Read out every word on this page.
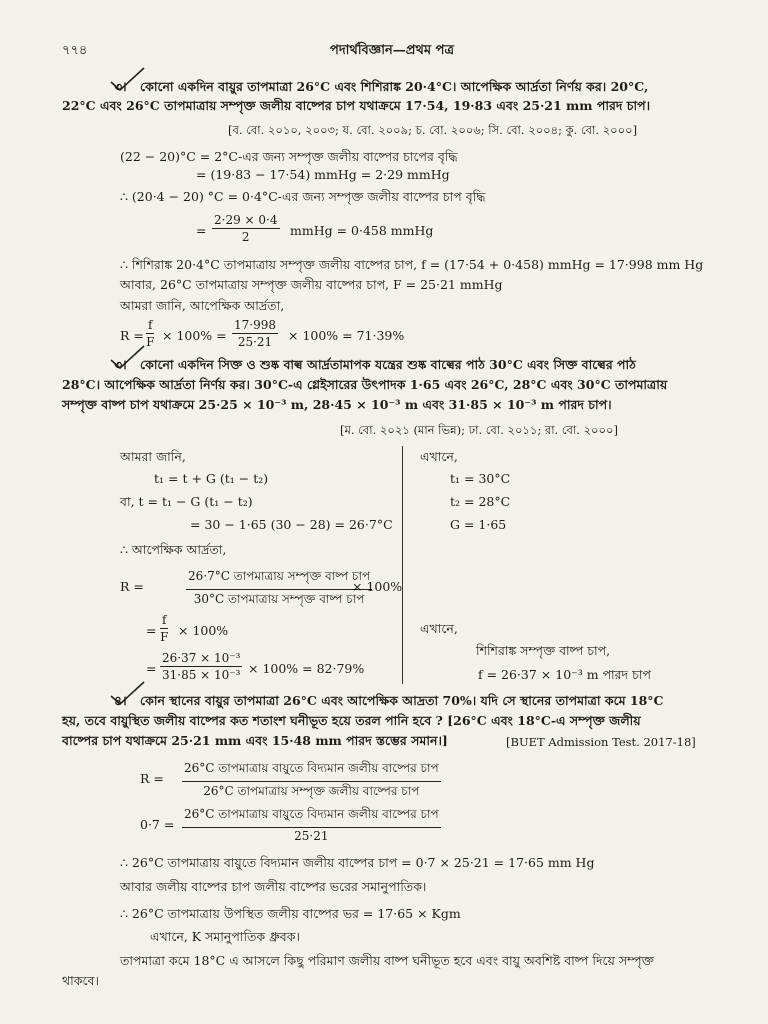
৭৭৪	পদার্থবিজ্ঞান—প্রথম পত্র
৩। কোনো একদিন বায়ুর তাপমাত্রা 26°C এবং শিশিরাঙ্ক 20·4°C। আপেক্ষিক আর্দ্রতা নির্ণয় কর। 20°C,
22°C এবং 26°C তাপমাত্রায় সম্পৃক্ত জলীয় বাষ্পের চাপ যথাক্রমে 17·54, 19·83 এবং 25·21 mm পারদ চাপ।
[ব. বো. ২০১০, ২০০৩; য. বো. ২০০৯; চ. বো. ২০০৬; সি. বো. ২০০৪; কু. বো. ২০০০]
(22 − 20)°C = 2°C-এর জন্য সম্পৃক্ত জলীয় বাষ্পের চাপের বৃদ্ধি
= (19·83 − 17·54) mmHg = 2·29 mmHg
∴ (20·4 − 20) °C = 0·4°C-এর জন্য সম্পৃক্ত জলীয় বাষ্পের চাপ বৃদ্ধি
= $\frac{2\cdot 29 \times 0\cdot 4}{2}$ mmHg = 0·458 mmHg
∴ শিশিরাঙ্ক 20·4°C তাপমাত্রায় সম্পৃক্ত জলীয় বাষ্পের চাপ, f = (17·54 + 0·458) mmHg = 17·998 mm Hg
আবার, 26°C তাপমাত্রায় সম্পৃক্ত জলীয় বাষ্পের চাপ, F = 25·21 mmHg
আমরা জানি, আপেক্ষিক আর্দ্রতা,
$R = \frac{f}{F} \times 100\% = \frac{17\cdot 998}{25\cdot 21} \times 100\% = 71\cdot 39\%$
৩। কোনো একদিন সিক্ত ও শুষ্ক বাল্ব আর্দ্রতামাপক যন্ত্রের শুষ্ক বাল্বের পাঠ 30°C এবং সিক্ত বাল্বের পাঠ
28°C। আপেক্ষিক আর্দ্রতা নির্ণয় কর। 30°C-এ গ্লেইসারের উৎপাদক 1·65 এবং 26°C, 28°C এবং 30°C তাপমাত্রায়
সম্পৃক্ত বাষ্প চাপ যথাক্রমে 25·25 × 10⁻³ m, 28·45 × 10⁻³ m এবং 31·85 × 10⁻³ m পারদ চাপ।
[ম. বো. ২০২১ (মান ভিন্ন); ঢা. বো. ২০১১; রা. বো. ২০০০]
আমরা জানি,
t₁ = t + G (t₁ − t₂)
বা, t = t₁ − G (t₁ − t₂)
= 30 − 1·65 (30 − 28) = 26·7°C
∴ আপেক্ষিক আর্দ্রতা,
R =
26·7°C তাপমাত্রায় সম্পৃক্ত বাষ্প চাপ
30°C তাপমাত্রায় সম্পৃক্ত বাষ্প চাপ
× 100%
= $\frac{f}{F} \times 100\%$
= $\frac{\text{26·37 × 10⁻³}}{\text{31·85 × 10⁻³}} \times 100\% = 82\cdot 79\%$
এখানে,
t₁ = 30°C
t₂ = 28°C
G = 1·65
এখানে,
শিশিরাঙ্ক সম্পৃক্ত বাষ্প চাপ,
f = 26·37 × 10⁻³ m পারদ চাপ
৪। কোন স্থানের বায়ুর তাপমাত্রা 26°C এবং আপেক্ষিক আদ্রতা 70%। যদি সে স্থানের তাপমাত্রা কমে 18°C
হয়, তবে বায়ুস্থিত জলীয় বাষ্পের কত শতাংশ ঘনীভূত হয়ে তরল পানি হবে ? [26°C এবং 18°C-এ সম্পৃক্ত জলীয়
বাষ্পের চাপ যথাক্রমে 25·21 mm এবং 15·48 mm পারদ স্তম্ভের সমান।]	[BUET Admission Test. 2017-18]
R =
26°C তাপমাত্রায় বায়ুতে বিদ্যমান জলীয় বাষ্পের চাপ
26°C তাপমাত্রায় সম্পৃক্ত জলীয় বাষ্পের চাপ
0·7 =
26°C তাপমাত্রায় বায়ুতে বিদ্যমান জলীয় বাষ্পের চাপ
25·21
∴ 26°C তাপমাত্রায় বায়ুতে বিদ্যমান জলীয় বাষ্পের চাপ = 0·7 × 25·21 = 17·65 mm Hg
আবার জলীয় বাষ্পের চাপ জলীয় বাষ্পের ভরের সমানুপাতিক।
∴ 26°C তাপমাত্রায় উপস্থিত জলীয় বাষ্পের ভর = 17·65 × Kgm
এখানে, K সমানুপাতিক ধ্রুবক।
তাপমাত্রা কমে 18°C এ আসলে কিছু পরিমাণ জলীয় বাষ্প ঘনীভূত হবে এবং বায়ু অবশিষ্ট বাষ্প দিয়ে সম্পৃক্ত
থাকবে।
